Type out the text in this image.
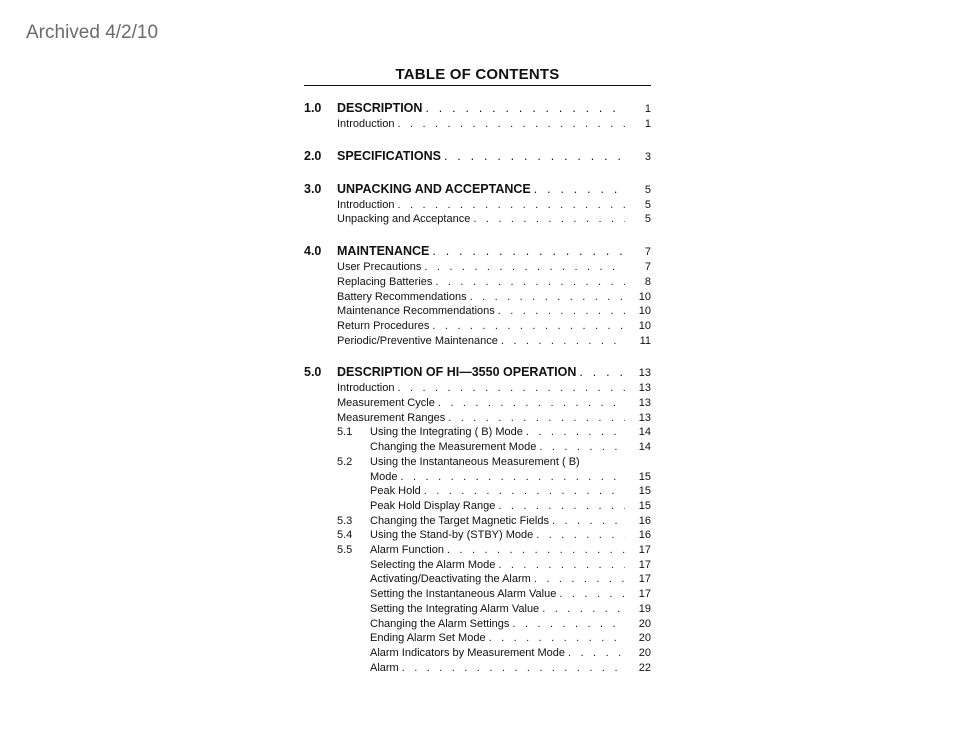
Archived 4/2/10
TABLE OF CONTENTS
1.0	DESCRIPTION . . .	1
Introduction . . .	1
2.0	SPECIFICATIONS . . .	3
3.0	UNPACKING AND ACCEPTANCE . . .	5
Introduction . . .	5
Unpacking and Acceptance . . .	5
4.0	MAINTENANCE . . .	7
User Precautions . . .	7
Replacing Batteries . . .	8
Battery Recommendations . . .	10
Maintenance Recommendations . . .	10
Return Procedures . . .	10
Periodic/Preventive Maintenance . . .	11
5.0	DESCRIPTION OF HI—3550 OPERATION . . .	13
Introduction . . .	13
Measurement Cycle . . .	13
Measurement Ranges . . .	13
5.1	Using the Integrating ( B) Mode . . .	14
Changing the Measurement Mode . . .	14
5.2	Using the Instantaneous Measurement ( B)
Mode . . .	15
Peak Hold . . .	15
Peak Hold Display Range . . .	15
5.3	Changing the Target Magnetic Fields . . .	16
5.4	Using the Stand-by (STBY) Mode . . .	16
5.5	Alarm Function . . .	17
Selecting the Alarm Mode . . .	17
Activating/Deactivating the Alarm . . .	17
Setting the Instantaneous Alarm Value . . .	17
Setting the Integrating Alarm Value . . .	19
Changing the Alarm Settings . . .	20
Ending Alarm Set Mode . . .	20
Alarm Indicators by Measurement Mode . . .	20
Alarm . . .	22
